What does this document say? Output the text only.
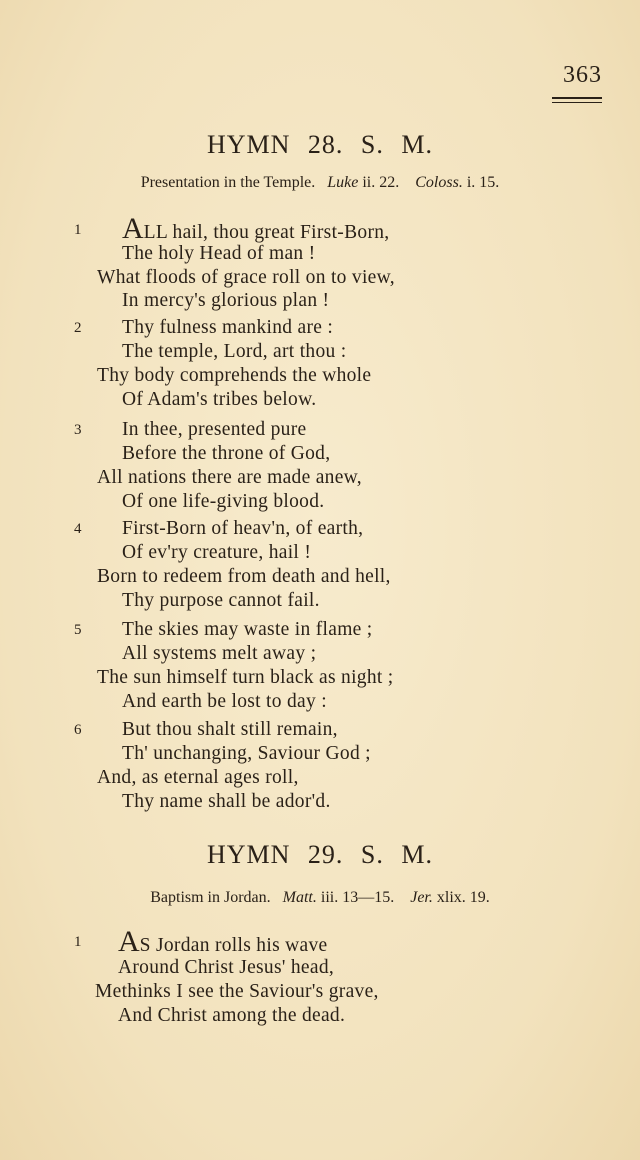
363
HYMN 28. S. M.
Presentation in the Temple. Luke ii. 22. Coloss. i. 15.
1 ALL hail, thou great First-Born,
The holy Head of man !
What floods of grace roll on to view,
In mercy's glorious plan !
2 Thy fulness mankind are :
The temple, Lord, art thou :
Thy body comprehends the whole
Of Adam's tribes below.
3 In thee, presented pure
Before the throne of God,
All nations there are made anew,
Of one life-giving blood.
4 First-Born of heav'n, of earth,
Of ev'ry creature, hail !
Born to redeem from death and hell,
Thy purpose cannot fail.
5 The skies may waste in flame ;
All systems melt away ;
The sun himself turn black as night ;
And earth be lost to day :
6 But thou shalt still remain,
Th' unchanging, Saviour God ;
And, as eternal ages roll,
Thy name shall be ador'd.
HYMN 29. S. M.
Baptism in Jordan. Matt. iii. 13—15. Jer. xlix. 19.
1 AS Jordan rolls his wave
Around Christ Jesus' head,
Methinks I see the Saviour's grave,
And Christ among the dead.
